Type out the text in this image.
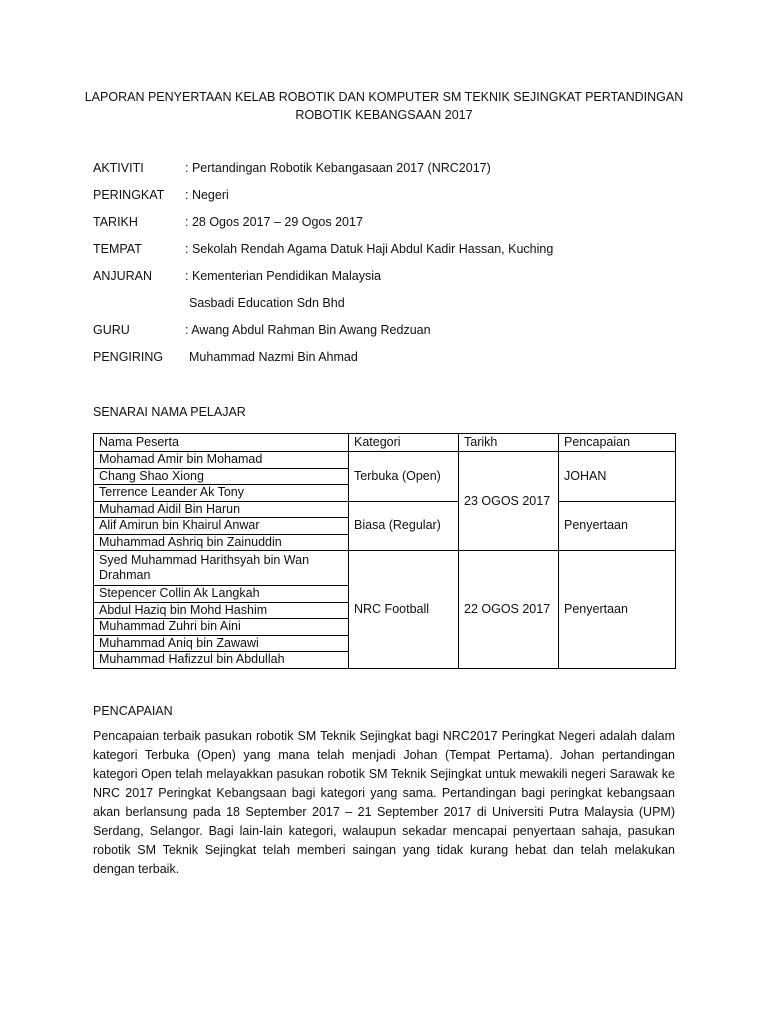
LAPORAN PENYERTAAN KELAB ROBOTIK DAN KOMPUTER SM TEKNIK SEJINGKAT PERTANDINGAN
ROBOTIK KEBANGSAAN 2017
AKTIVITI	: Pertandingan Robotik Kebangasaan 2017 (NRC2017)
PERINGKAT : Negeri
TARIKH	: 28 Ogos 2017 – 29 Ogos 2017
TEMPAT	: Sekolah Rendah Agama Datuk Haji Abdul Kadir Hassan, Kuching
ANJURAN	: Kementerian Pendidikan Malaysia
Sasbadi Education Sdn Bhd
GURU	: Awang Abdul Rahman Bin Awang Redzuan
PENGIRING Muhammad Nazmi Bin Ahmad
SENARAI NAMA PELAJAR
Nama Peserta	Kategori	Tarikh	Pencapaian
Mohamad Amir bin Mohamad	Terbuka (Open)	23 OGOS 2017	JOHAN
Chang Shao Xiong			
Terrence Leander Ak Tony			
Muhamad Aidil Bin Harun	Biasa (Regular)		Penyertaan
Alif Amirun bin Khairul Anwar			
Muhammad Ashriq bin Zainuddin			
Syed Muhammad Harithsyah bin Wan Drahman	NRC Football	22 OGOS 2017	Penyertaan
Stepencer Collin Ak Langkah			
Abdul Haziq bin Mohd Hashim			
Muhammad Zuhri bin Aini			
Muhammad Aniq bin Zawawi			
Muhammad Hafizzul bin Abdullah			
PENCAPAIAN
Pencapaian terbaik pasukan robotik SM Teknik Sejingkat bagi NRC2017 Peringkat Negeri adalah dalam kategori Terbuka (Open) yang mana telah menjadi Johan (Tempat Pertama). Johan pertandingan kategori Open telah melayakkan pasukan robotik SM Teknik Sejingkat untuk mewakili negeri Sarawak ke NRC 2017 Peringkat Kebangsaan bagi kategori yang sama. Pertandingan bagi peringkat kebangsaan akan berlansung pada 18 September 2017 – 21 September 2017 di Universiti Putra Malaysia (UPM) Serdang, Selangor. Bagi lain-lain kategori, walaupun sekadar mencapai penyertaan sahaja, pasukan robotik SM Teknik Sejingkat telah memberi saingan yang tidak kurang hebat dan telah melakukan dengan terbaik.
